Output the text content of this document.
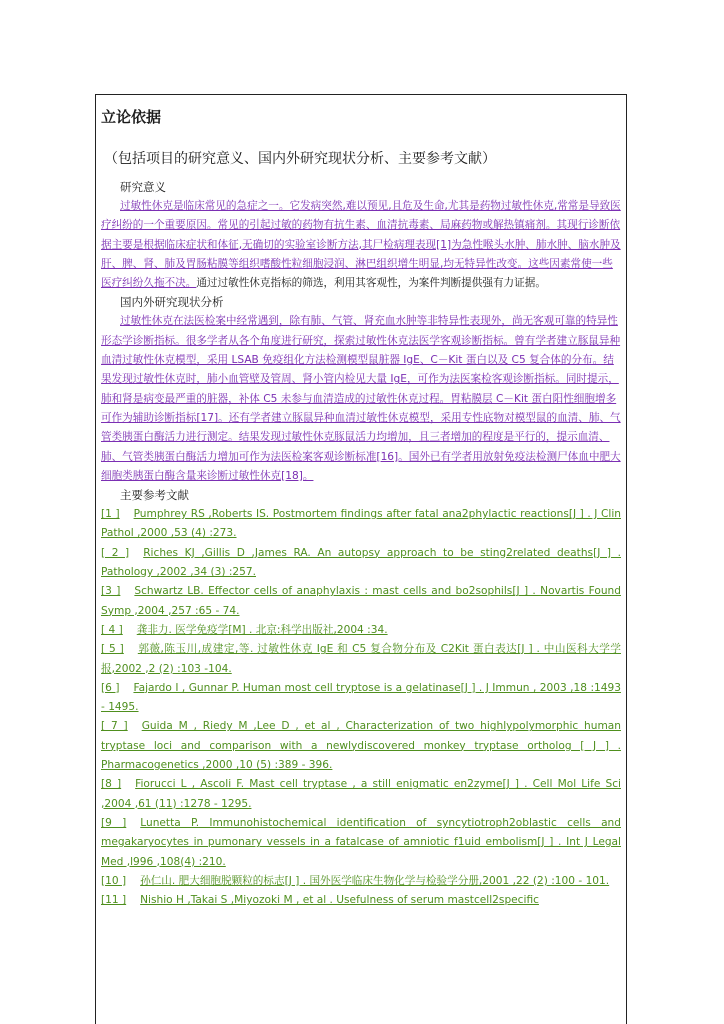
立论依据
（包括项目的研究意义、国内外研究现状分析、主要参考文献）

研究意义

过敏性休克是临床常见的急症之一。它发病突然,难以预见,且危及生命,尤其是药物过敏性休克,常常是导致医疗纠纷的一个重要原因。常见的引起过敏的药物有抗生素、血清抗毒素、局麻药物或解热镇痛剂。其现行诊断依据主要是根据临床症状和体征,无确切的实验室诊断方法,其尸检病理表现[1]为急性喉头水肿、肺水肿、脑水肿及肝、脾、肾、肺及胃肠粘膜等组织嗜酸性粒细胞浸润、淋巴组织增生明显,均无特异性改变。这些因素常使一些医疗纠纷久拖不决。通过过敏性休克指标的筛选，利用其客观性，为案件判断提供强有力证据。

国内外研究现状分析

过敏性休克在法医检案中经常遇到，除有肺、气管、肾充血水肿等非特异性表现外，尚无客观可靠的特异性形态学诊断指标。很多学者从各个角度进行研究，探索过敏性休克法医学客观诊断指标。曾有学者建立豚鼠异种血清过敏性休克模型，采用 LSAB 免疫组化方法检测模型鼠脏器 IgE、C－Kit 蛋白以及 C5 复合体的分布。结果发现过敏性休克时，肺小血管壁及管周、肾小管内检见大量 IgE，可作为法医案检客观诊断指标。同时提示，肺和肾是病变最严重的脏器，补体 C5 未参与血清造成的过敏性休克过程。胃粘膜层 C－Kit 蛋白阳性细胞增多可作为辅助诊断指标[17]。还有学者建立豚鼠异种血清过敏性休克模型，采用专性底物对模型鼠的血清、肺、气管类胰蛋白酶活力进行测定。结果发现过敏性休克豚鼠活力均增加，且三者增加的程度是平行的，提示血清、肺、气管类胰蛋白酶活力增加可作为法医检案客观诊断标准[16]。国外已有学者用放射免疫法检测尸体血中肥大细胞类胰蛋白酶含量来诊断过敏性休克[18]。

主要参考文献

[1 ] Pumphrey RS ,Roberts IS. Postmortem findings after fatal ana2phylactic reactions[J ] . J Clin Pathol ,2000 ,53 (4) :273.

[ 2 ] Riches KJ ,Gillis D ,James RA. An autopsy approach to be sting2related deaths[J ] . Pathology ,2002 ,34 (3) :257.

[3 ] Schwartz LB. Effector cells of anaphylaxis : mast cells and bo2sophils[J ] . Novartis Found Symp ,2004 ,257 :65 - 74.

[ 4 ] 龚非力. 医学免疫学[M] . 北京:科学出版社,2004 :34.

[ 5 ] 郭薇,陈玉川,成建定,等. 过敏性休克 IgE 和 C5 复合物分布及 C2Kit 蛋白表达[J ] . 中山医科大学学报,2002 ,2 (2) :103 -104.

[6 ] Fajardo I , Gunnar P. Human most cell tryptose is a gelatinase[J ] . J Immun , 2003 ,18 :1493 - 1495.

[ 7 ] Guida M , Riedy M ,Lee D , et al , Characterization of two highlypolymorphic human tryptase loci and comparison with a newlydiscovered monkey tryptase ortholog [ J ] . Pharmacogenetics ,2000 ,10 (5) :389 - 396.

[8 ] Fiorucci L , Ascoli F. Mast cell tryptase , a still enigmatic en2zyme[J ] . Cell Mol Life Sci ,2004 ,61 (11) :1278 - 1295.

[9 ] Lunetta P. Immunohistochemical identification of syncytiotroph2oblastic cells and megakaryocytes in pumonary vessels in a fatalcase of amniotic f1uid embolism[J ] . Int J Legal Med ,l996 ,108(4) :210.

[10 ] 孙仁山. 肥大细胞脱颗粒的标志[J ] . 国外医学临床生物化学与检验学分册,2001 ,22 (2) :100 - 101.

[11 ] Nishio H ,Takai S ,Miyozoki M , et al . Usefulness of serum mastcell2specific
